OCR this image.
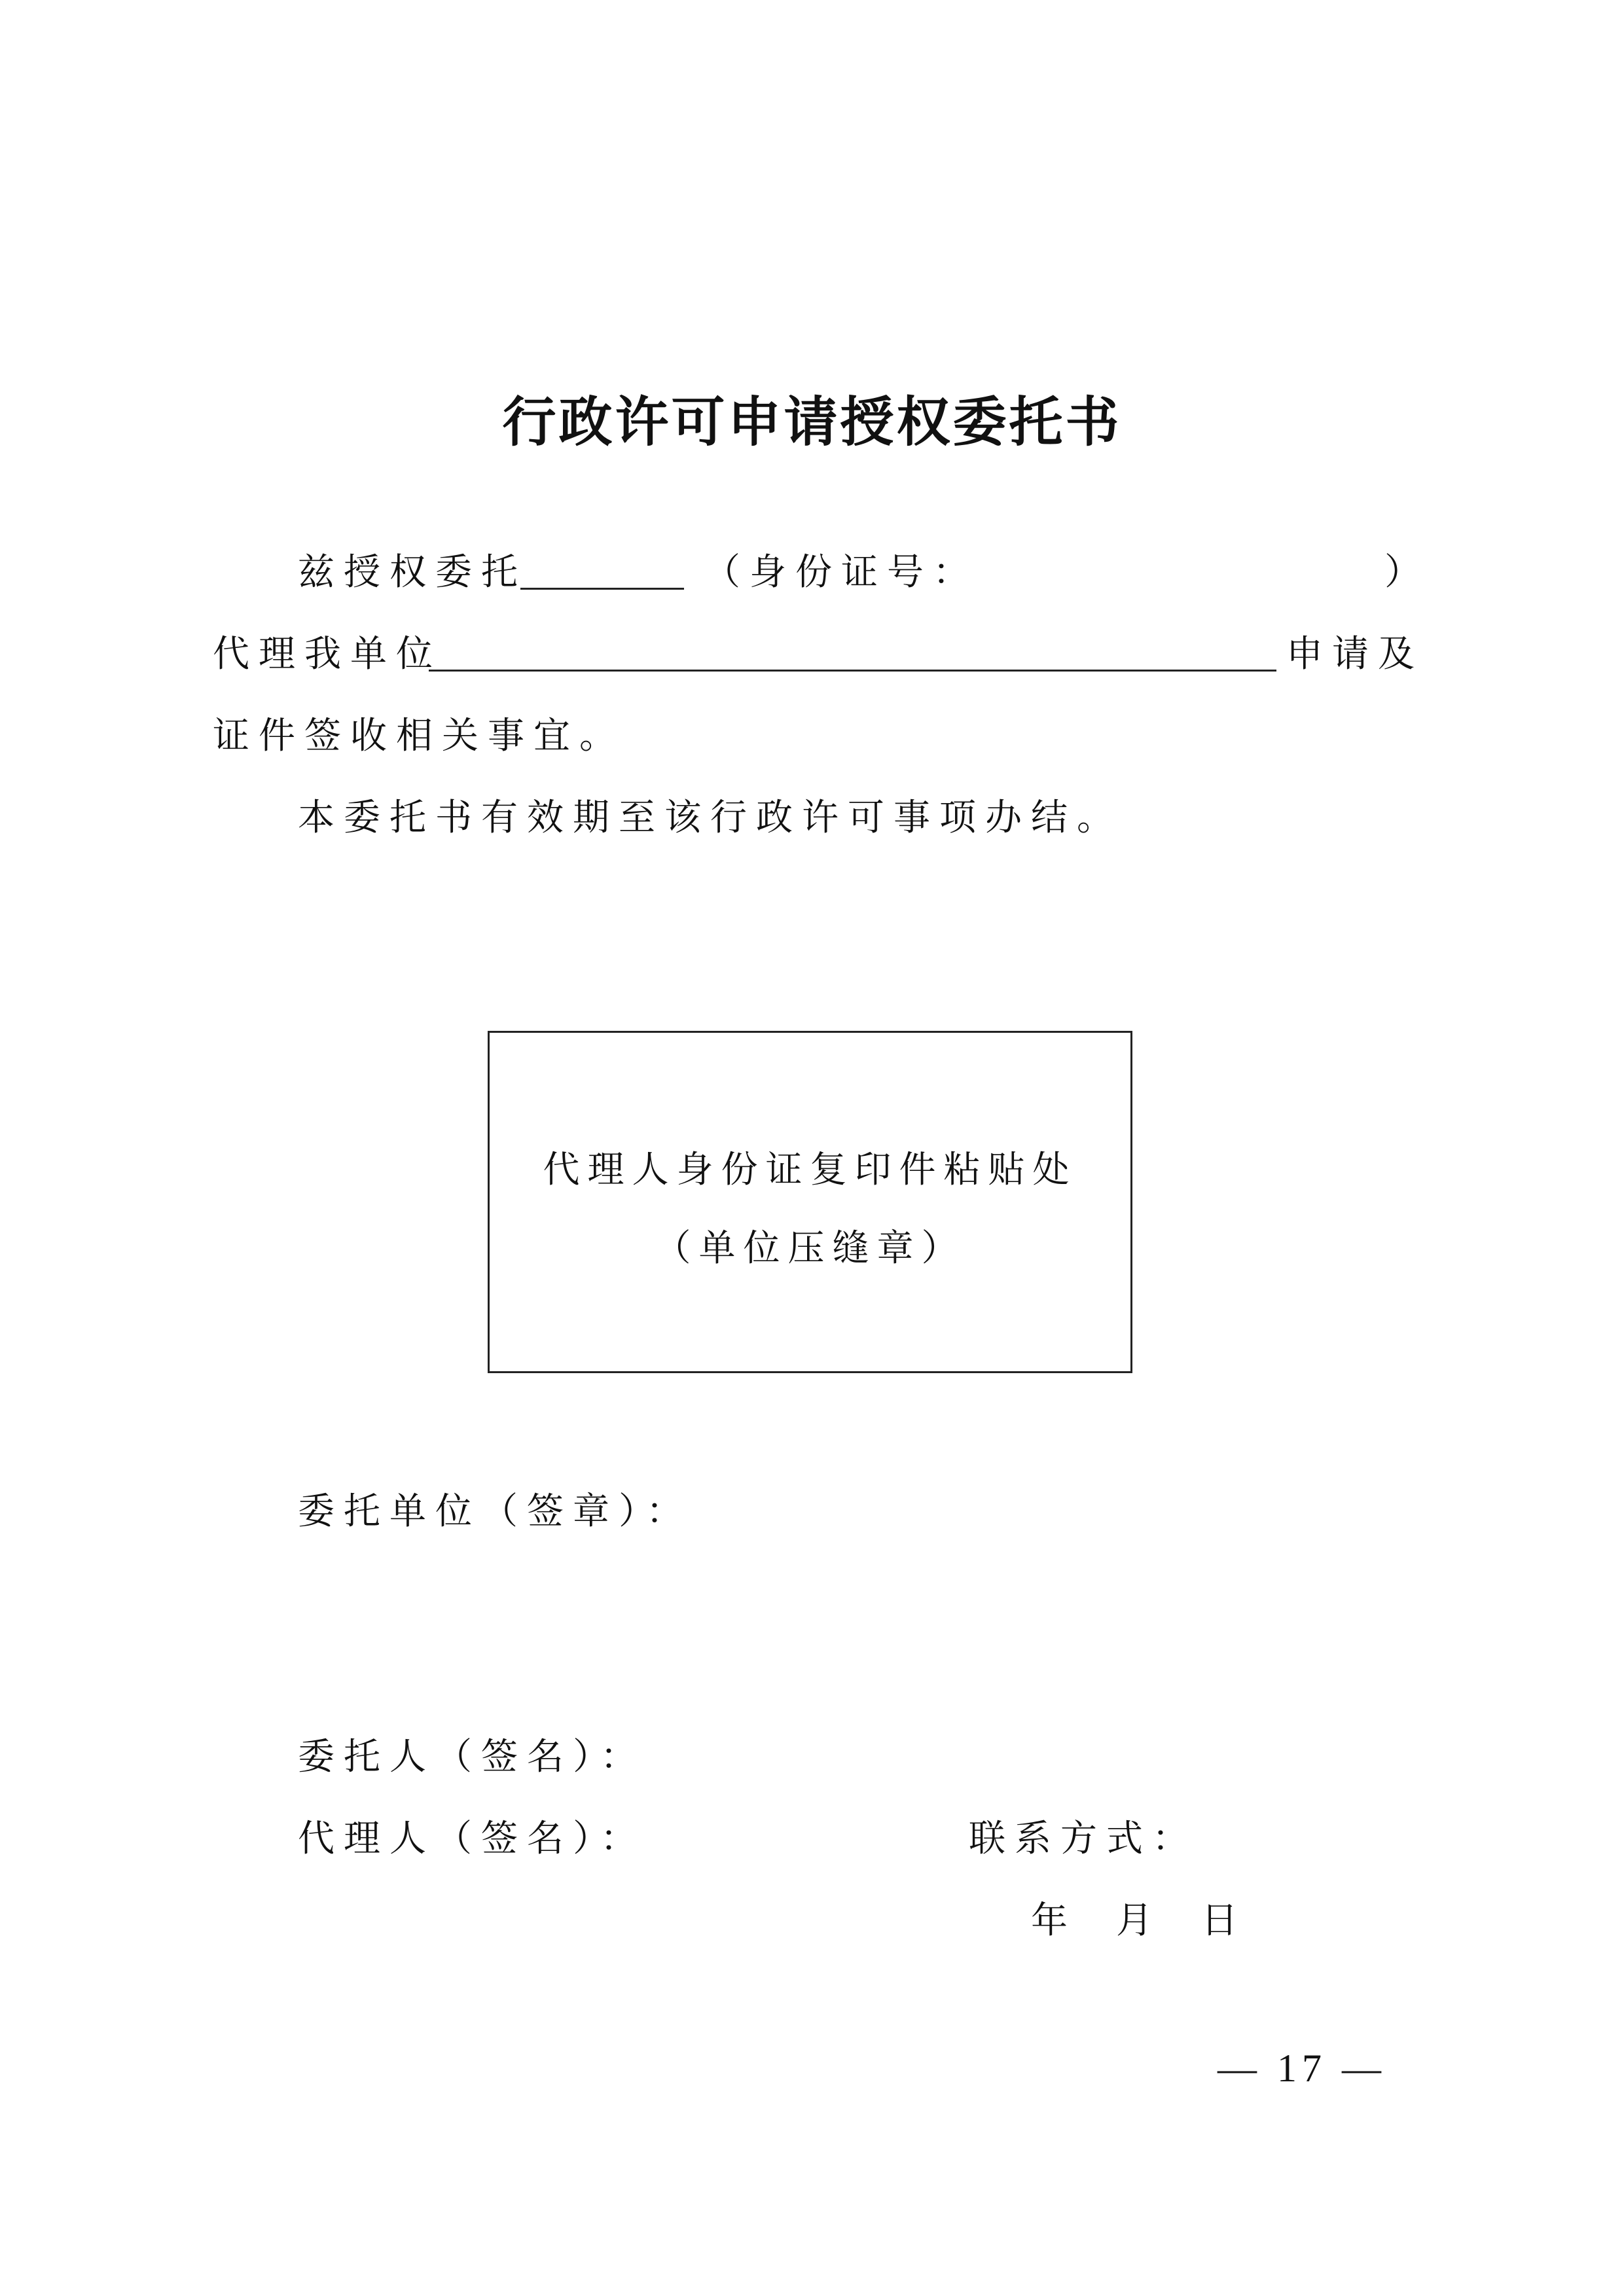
行政许可申请授权委托书
兹授权委托	（身份证号：	）
代理我单位	申请及
证件签收相关事宜。
本委托书有效期至该行政许可事项办结。
代理人身份证复印件粘贴处
（单位压缝章）
委托单位（签章）：
委托人（签名）：
代理人（签名）：	联系方式：
年 月 日
— 17 —
